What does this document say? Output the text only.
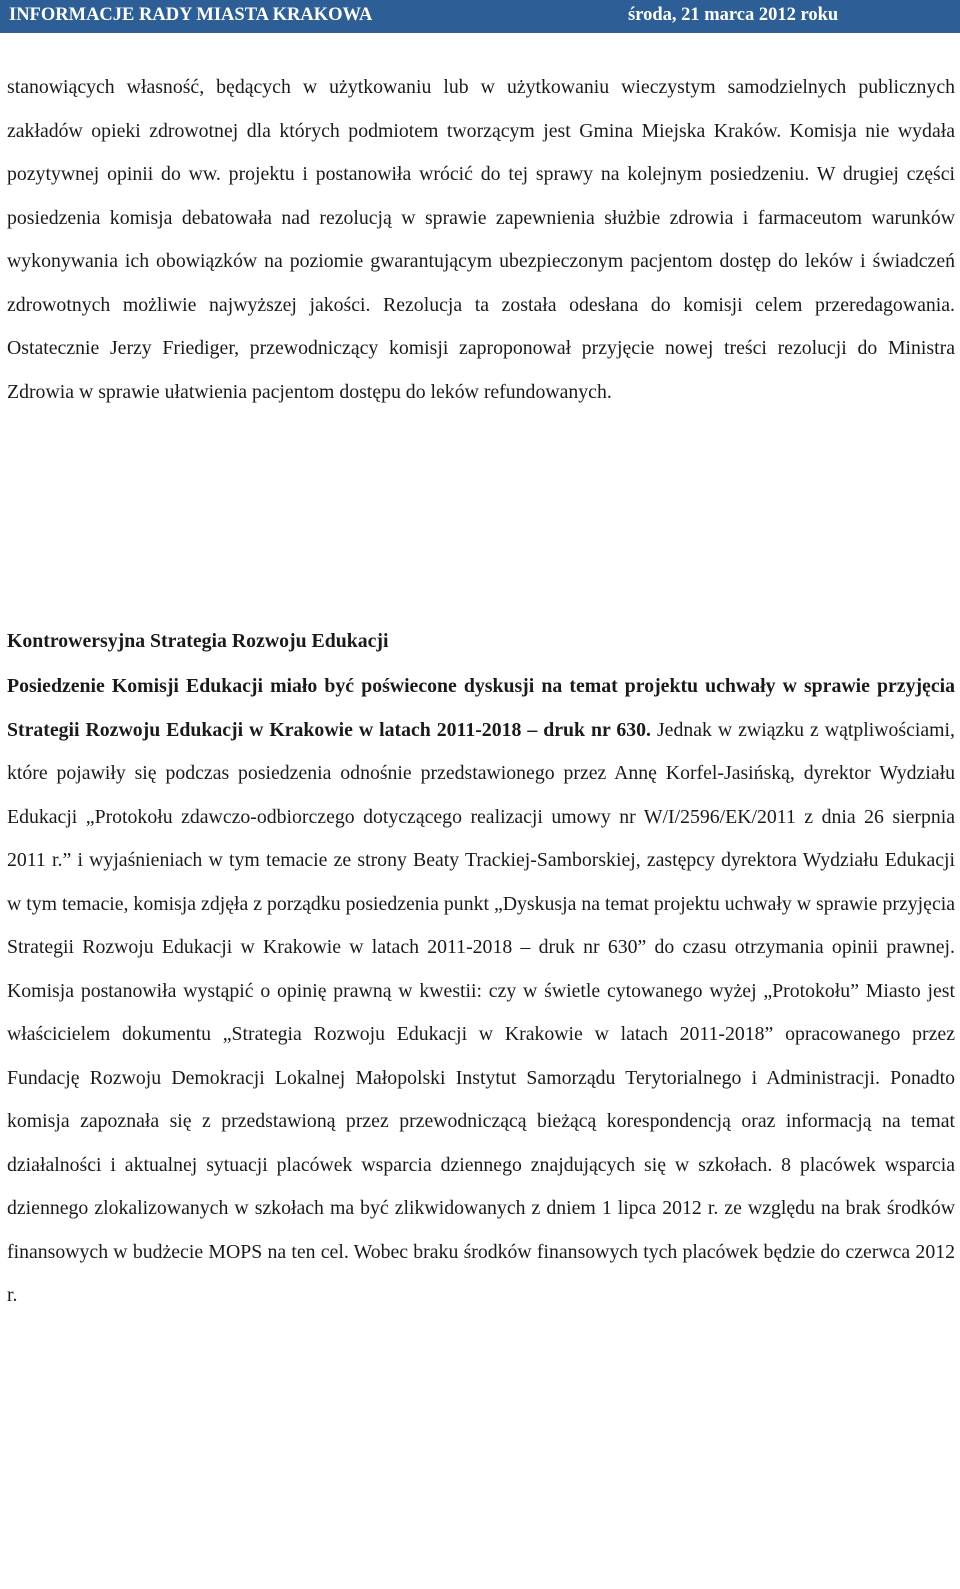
INFORMACJE RADY MIASTA KRAKOWA	środa, 21 marca 2012 roku

stanowiących własność, będących w użytkowaniu lub w użytkowaniu wieczystym samodzielnych publicznych zakładów opieki zdrowotnej dla których podmiotem tworzącym jest Gmina Miejska Kraków. Komisja nie wydała pozytywnej opinii do ww. projektu i postanowiła wrócić do tej sprawy na kolejnym posiedzeniu. W drugiej części posiedzenia komisja debatowała nad rezolucją w sprawie zapewnienia służbie zdrowia i farmaceutom warunków wykonywania ich obowiązków na poziomie gwarantującym ubezpieczonym pacjentom dostęp do leków i świadczeń zdrowotnych możliwie najwyższej jakości. Rezolucja ta została odesłana do komisji celem przeredagowania. Ostatecznie Jerzy Friediger, przewodniczący komisji zaproponował przyjęcie nowej treści rezolucji do Ministra Zdrowia w sprawie ułatwienia pacjentom dostępu do leków refundowanych.

Kontrowersyjna Strategia Rozwoju Edukacji

Posiedzenie Komisji Edukacji miało być poświecone dyskusji na temat projektu uchwały w sprawie przyjęcia Strategii Rozwoju Edukacji w Krakowie w latach 2011-2018 – druk nr 630. Jednak w związku z wątpliwościami, które pojawiły się podczas posiedzenia odnośnie przedstawionego przez Annę Korfel-Jasińską, dyrektor Wydziału Edukacji „Protokołu zdawczo-odbiorczego dotyczącego realizacji umowy nr W/I/2596/EK/2011 z dnia 26 sierpnia 2011 r.” i wyjaśnieniach w tym temacie ze strony Beaty Trackiej-Samborskiej, zastępcy dyrektora Wydziału Edukacji w tym temacie, komisja zdjęła z porządku posiedzenia punkt „Dyskusja na temat projektu uchwały w sprawie przyjęcia Strategii Rozwoju Edukacji w Krakowie w latach 2011-2018 – druk nr 630” do czasu otrzymania opinii prawnej. Komisja postanowiła wystąpić o opinię prawną w kwestii: czy w świetle cytowanego wyżej „Protokołu” Miasto jest właścicielem dokumentu „Strategia Rozwoju Edukacji w Krakowie w latach 2011-2018” opracowanego przez Fundację Rozwoju Demokracji Lokalnej Małopolski Instytut Samorządu Terytorialnego i Administracji. Ponadto komisja zapoznała się z przedstawioną przez przewodniczącą bieżącą korespondencją oraz informacją na temat działalności i aktualnej sytuacji placówek wsparcia dziennego znajdujących się w szkołach. 8 placówek wsparcia dziennego zlokalizowanych w szkołach ma być zlikwidowanych z dniem 1 lipca 2012 r. ze względu na brak środków finansowych w budżecie MOPS na ten cel. Wobec braku środków finansowych tych placówek będzie do czerwca 2012 r.
